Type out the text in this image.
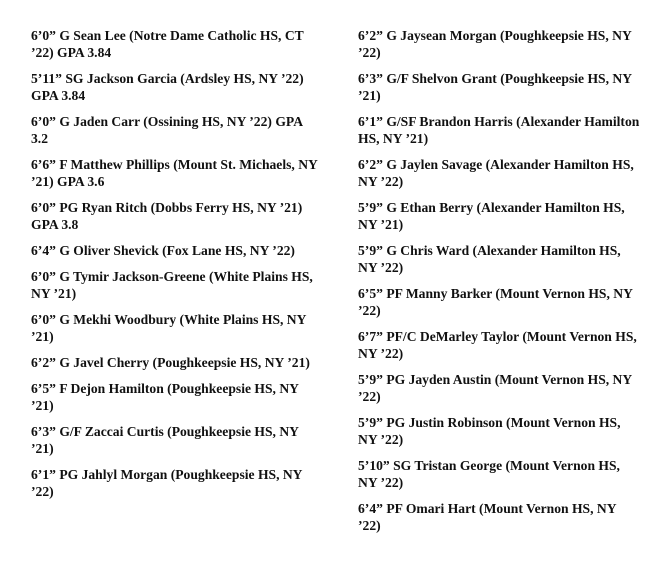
6’0” G Sean Lee (Notre Dame Catholic HS, CT ’22) GPA 3.84
5’11” SG Jackson Garcia (Ardsley HS, NY ’22) GPA 3.84
6’0” G Jaden Carr (Ossining HS, NY ’22) GPA 3.2
6’6” F Matthew Phillips (Mount St. Michaels, NY ’21) GPA 3.6
6’0” PG Ryan Ritch (Dobbs Ferry HS, NY ’21) GPA 3.8
6’4” G Oliver Shevick (Fox Lane HS, NY ’22)
6’0” G Tymir Jackson-Greene (White Plains HS, NY ’21)
6’0” G Mekhi Woodbury (White Plains HS, NY ’21)
6’2” G Javel Cherry (Poughkeepsie HS, NY ’21)
6’5” F Dejon Hamilton (Poughkeepsie HS, NY ’21)
6’3” G/F Zaccai Curtis (Poughkeepsie HS, NY ’21)
6’1” PG Jahlyl Morgan (Poughkeepsie HS, NY ’22)
6’2” G Jaysean Morgan (Poughkeepsie HS, NY ’22)
6’3” G/F Shelvon Grant (Poughkeepsie HS, NY ’21)
6’1” G/SF Brandon Harris (Alexander Hamilton HS, NY ’21)
6’2” G Jaylen Savage (Alexander Hamilton HS, NY ’22)
5’9” G Ethan Berry (Alexander Hamilton HS, NY ’21)
5’9” G Chris Ward (Alexander Hamilton HS, NY ’22)
6’5” PF Manny Barker (Mount Vernon HS, NY ’22)
6’7” PF/C DeMarley Taylor (Mount Vernon HS, NY ’22)
5’9” PG Jayden Austin (Mount Vernon HS, NY ’22)
5’9” PG Justin Robinson (Mount Vernon HS, NY ’22)
5’10” SG Tristan George (Mount Vernon HS, NY ’22)
6’4” PF Omari Hart (Mount Vernon HS, NY ’22)
